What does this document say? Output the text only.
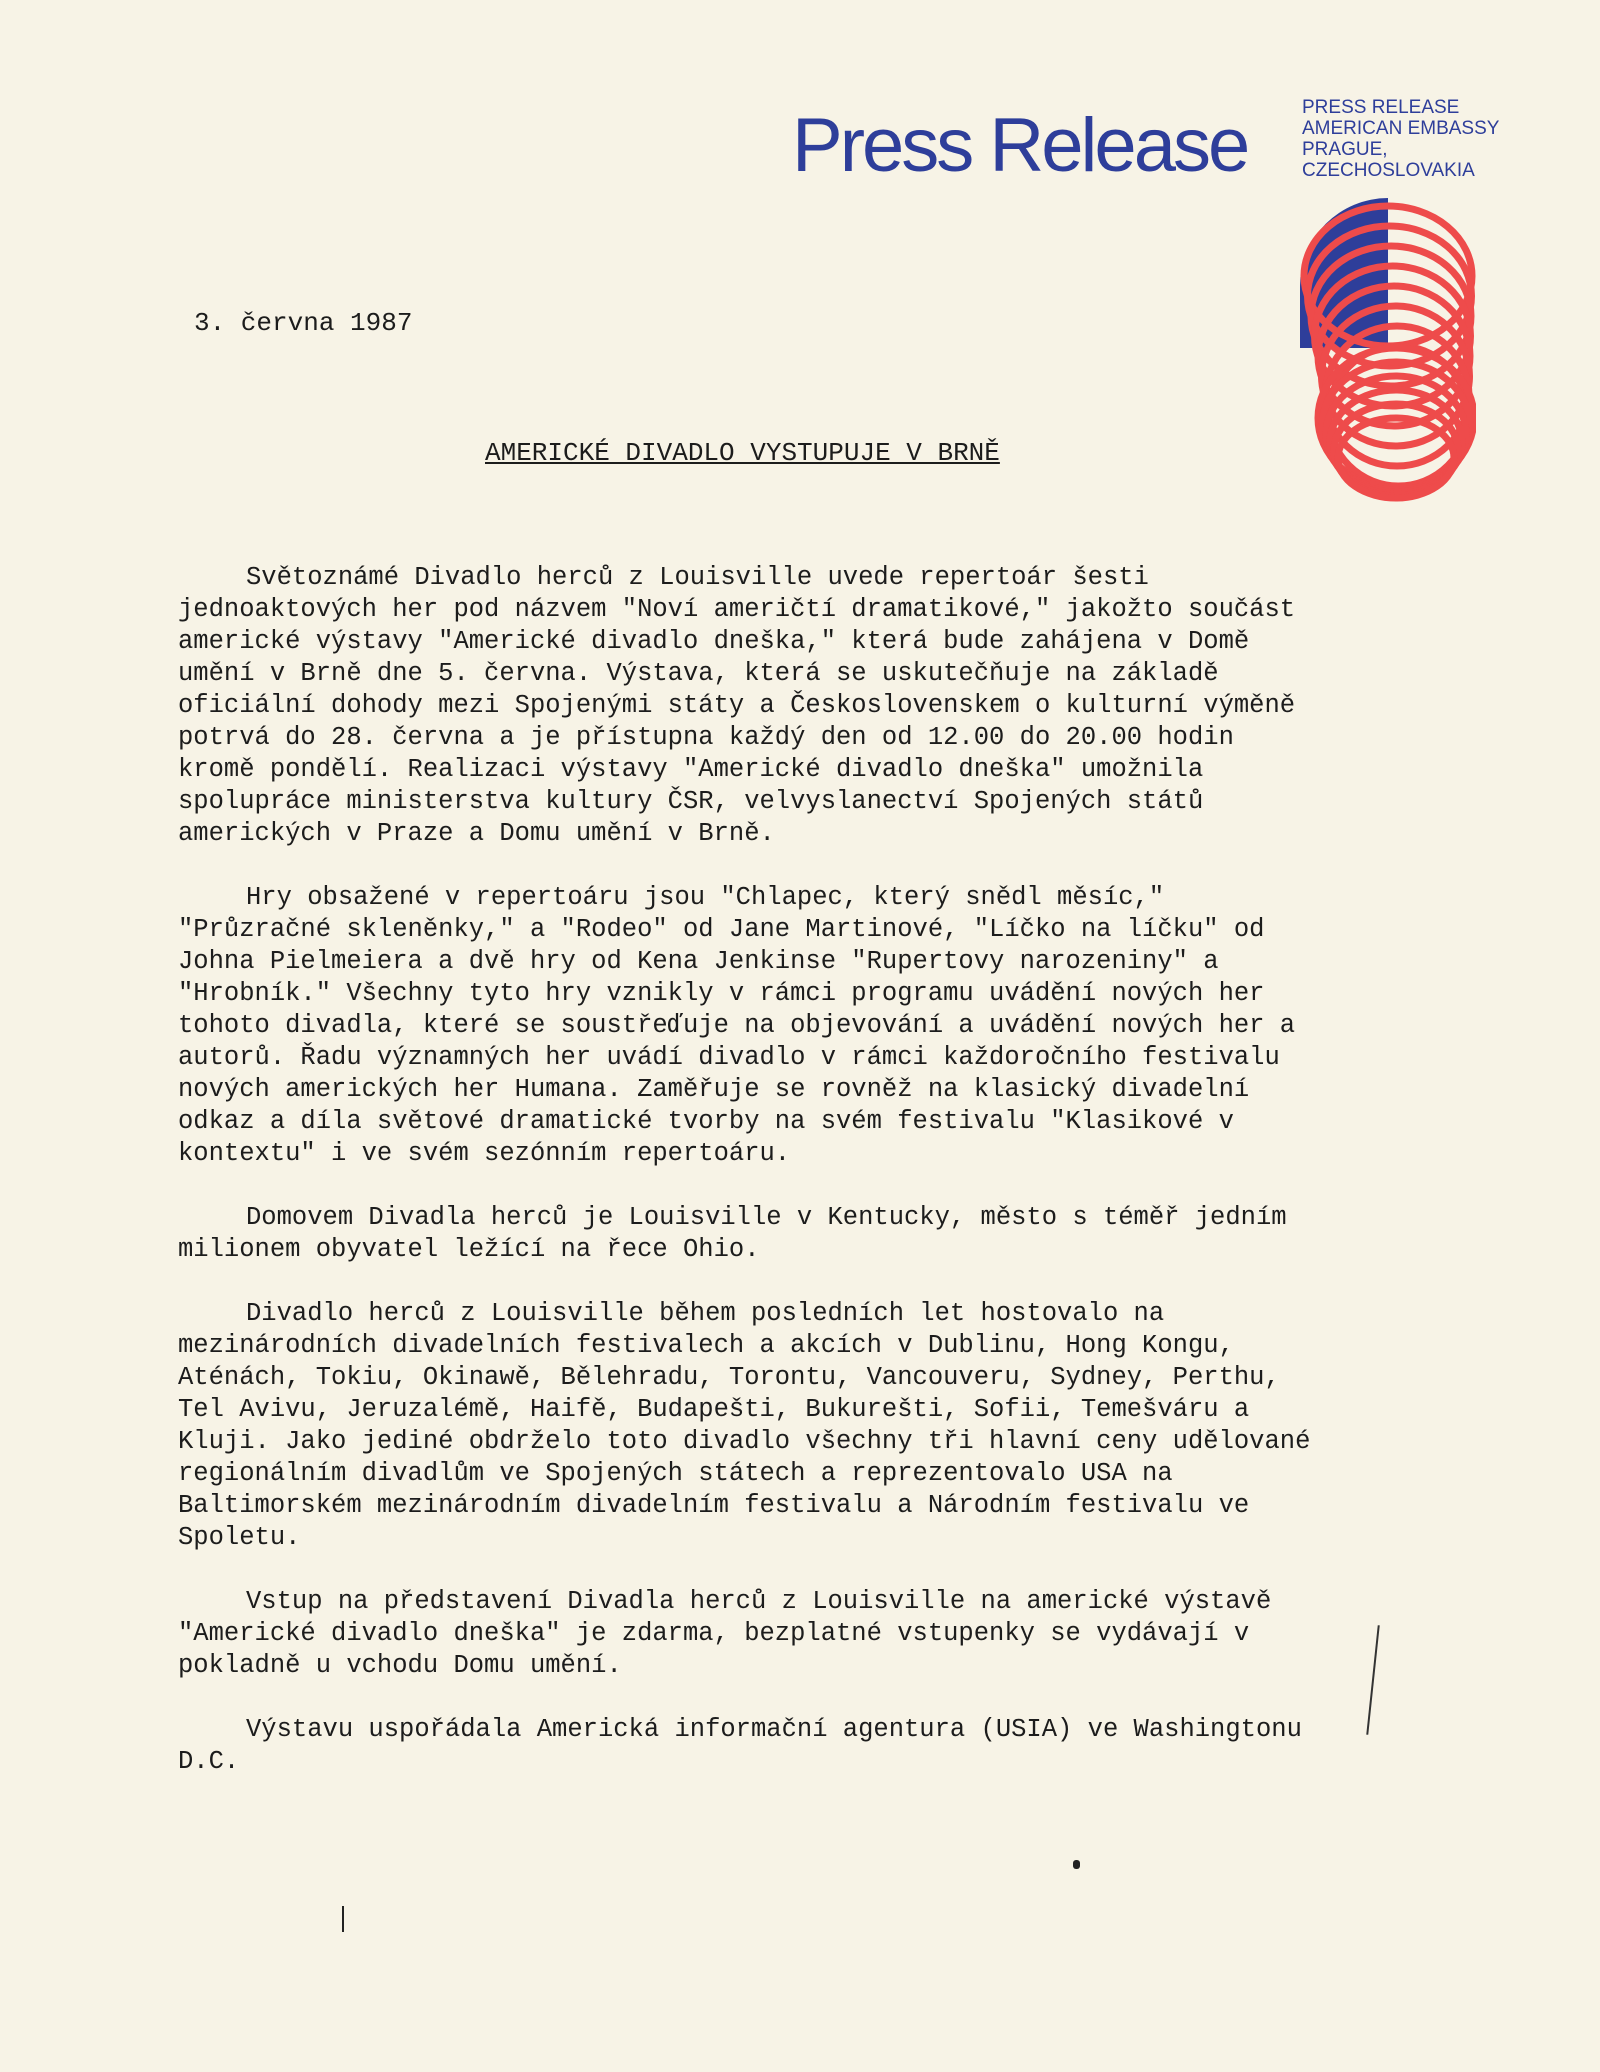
Press Release	PRESS RELEASE
AMERICAN EMBASSY
PRAGUE,
CZECHOSLOVAKIA
3. června 1987
AMERICKÉ DIVADLO VYSTUPUJE V BRNĚ

Světoznámé Divadlo herců z Louisville uvede repertoár šesti jednoaktových her pod názvem "Noví američtí dramatikové," jakožto součást americké výstavy "Americké divadlo dneška," která bude zahájena v Domě umění v Brně dne 5. června. Výstava, která se uskutečňuje na základě oficiální dohody mezi Spojenými státy a Československem o kulturní výměně potrvá do 28. června a je přístupna každý den od 12.00 do 20.00 hodin kromě pondělí. Realizaci výstavy "Americké divadlo dneška" umožnila spolupráce ministerstva kultury ČSR, velvyslanectví Spojených států amerických v Praze a Domu umění v Brně.

Hry obsažené v repertoáru jsou "Chlapec, který snědl měsíc," "Průzračné skleněnky," a "Rodeo" od Jane Martinové, "Líčko na líčku" od Johna Pielmeiera a dvě hry od Kena Jenkinse "Rupertovy narozeniny" a "Hrobník." Všechny tyto hry vznikly v rámci programu uvádění nových her tohoto divadla, které se soustřeďuje na objevování a uvádění nových her a autorů. Řadu významných her uvádí divadlo v rámci každoročního festivalu nových amerických her Humana. Zaměřuje se rovněž na klasický divadelní odkaz a díla světové dramatické tvorby na svém festivalu "Klasikové v kontextu" i ve svém sezónním repertoáru.

Domovem Divadla herců je Louisville v Kentucky, město s téměř jedním milionem obyvatel ležící na řece Ohio.

Divadlo herců z Louisville během posledních let hostovalo na mezinárodních divadelních festivalech a akcích v Dublinu, Hong Kongu, Aténách, Tokiu, Okinawě, Bělehradu, Torontu, Vancouveru, Sydney, Perthu, Tel Avivu, Jeruzalémě, Haifě, Budapešti, Bukurešti, Sofii, Temešváru a Kluji. Jako jediné obdrželo toto divadlo všechny tři hlavní ceny udělované regionálním divadlům ve Spojených státech a reprezentovalo USA na Baltimorském mezinárodním divadelním festivalu a Národním festivalu ve Spoletu.

Vstup na představení Divadla herců z Louisville na americké výstavě "Americké divadlo dneška" je zdarma, bezplatné vstupenky se vydávají v pokladně u vchodu Domu umění.

Výstavu uspořádala Americká informační agentura (USIA) ve Washingtonu D.C.
